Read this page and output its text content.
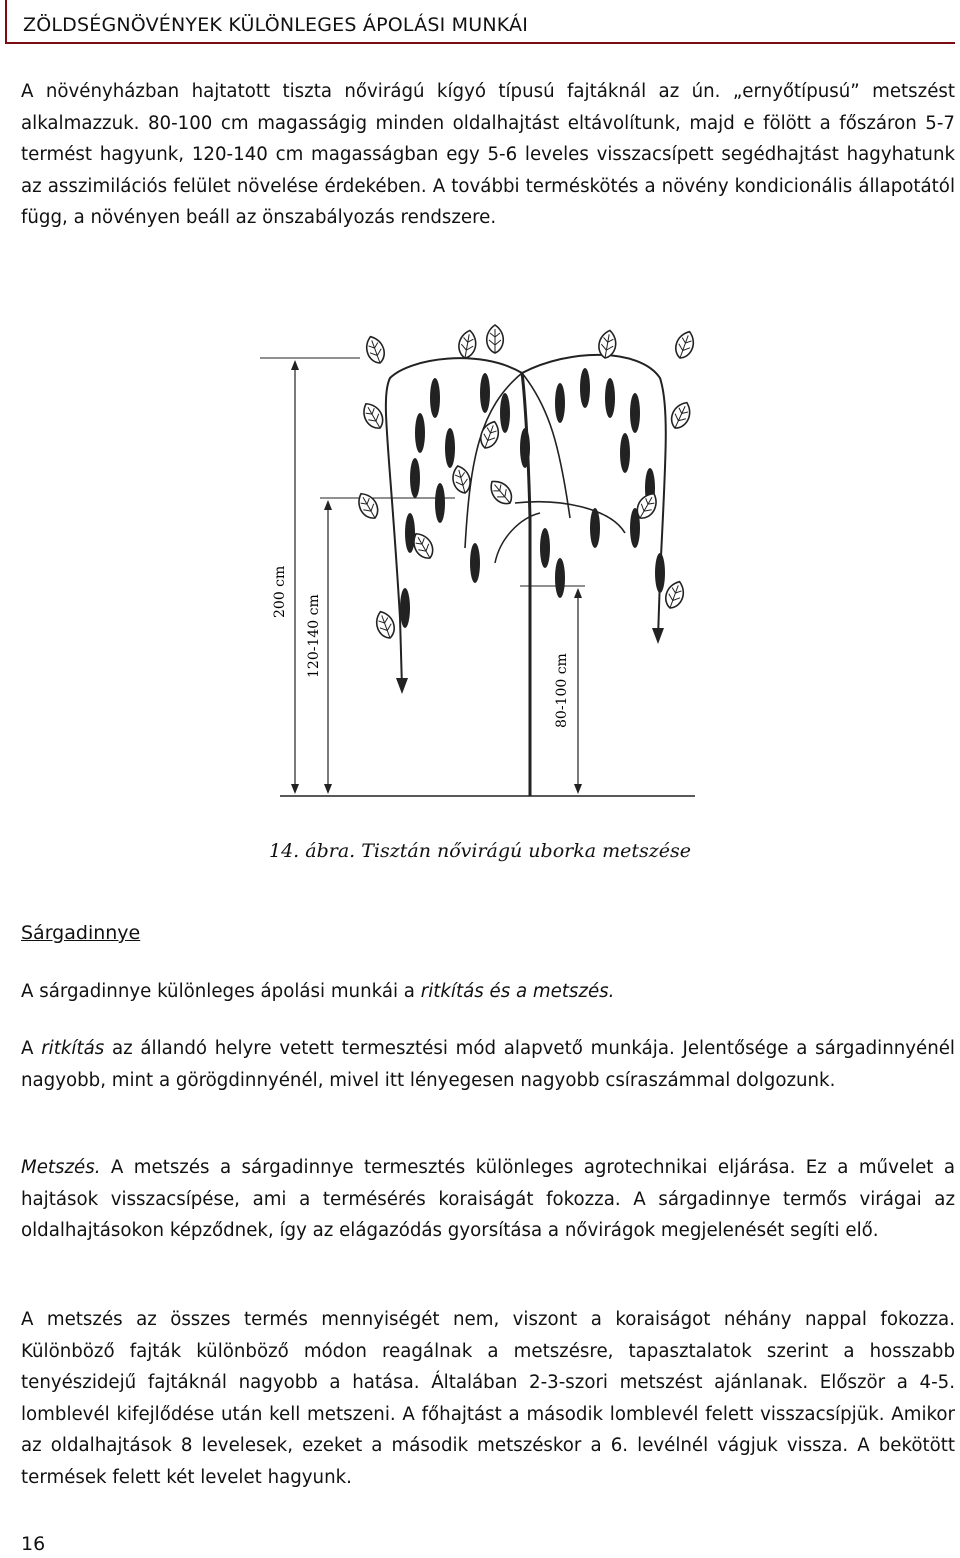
ZÖLDSÉGNÖVÉNYEK KÜLÖNLEGES ÁPOLÁSI MUNKÁI

A növényházban hajtatott tiszta nővirágú kígyó típusú fajtáknál az ún. „ernyőtípusú” metszést alkalmazzuk. 80-100 cm magasságig minden oldalhajtást eltávolítunk, majd e fölött a főszáron 5-7 termést hagyunk, 120-140 cm magasságban egy 5-6 leveles visszacsípett segédhajtást hagyhatunk az asszimilációs felület növelése érdekében. A további terméskötés a növény kondicionális állapotától függ, a növényen beáll az önszabályozás rendszere.

200 cm
120-140 cm
80-100 cm
14. ábra. Tisztán nővirágú uborka metszése
Sárgadinnye

A sárgadinnye különleges ápolási munkái a ritkítás és a metszés.

A ritkítás az állandó helyre vetett termesztési mód alapvető munkája. Jelentősége a sárgadinnyénél nagyobb, mint a görögdinnyénél, mivel itt lényegesen nagyobb csíraszámmal dolgozunk.

Metszés. A metszés a sárgadinnye termesztés különleges agrotechnikai eljárása. Ez a művelet a hajtások visszacsípése, ami a termésérés koraiságát fokozza. A sárgadinnye termős virágai az oldalhajtásokon képződnek, így az elágazódás gyorsítása a nővirágok megjelenését segíti elő.

A metszés az összes termés mennyiségét nem, viszont a koraiságot néhány nappal fokozza. Különböző fajták különböző módon reagálnak a metszésre, tapasztalatok szerint a hosszabb tenyészidejű fajtáknál nagyobb a hatása. Általában 2-3-szori metszést ajánlanak. Először a 4-5. lomblevél kifejlődése után kell metszeni. A főhajtást a második lomblevél felett visszacsípjük. Amikor az oldalhajtások 8 levelesek, ezeket a második metszéskor a 6. levélnél vágjuk vissza. A bekötött termések felett két levelet hagyunk.

16
